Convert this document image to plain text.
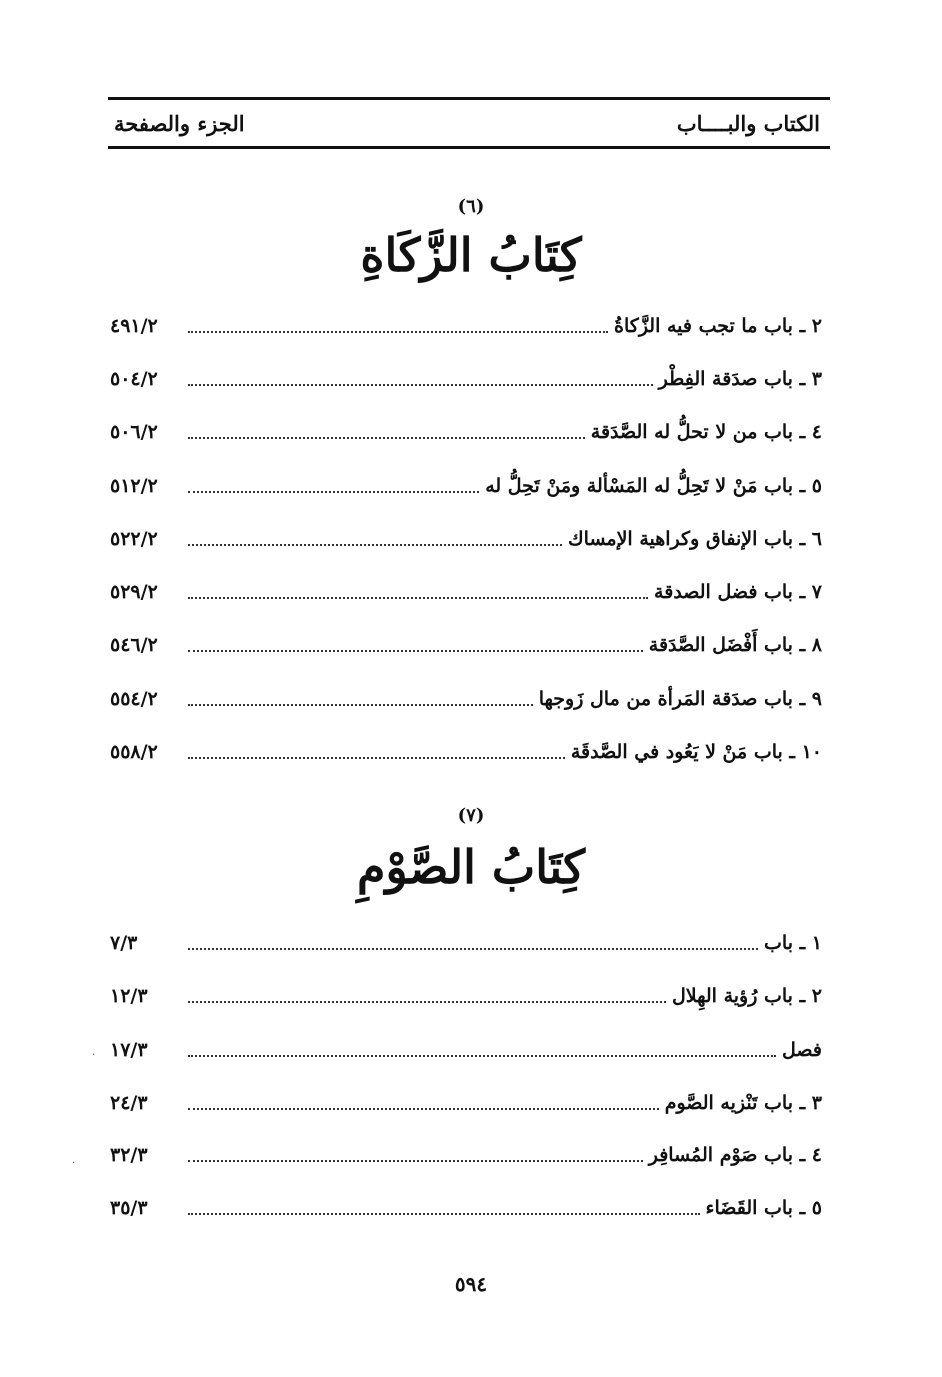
الكتاب والبــــاب
الجزء والصفحة
(٦)
كِتَابُ الزَّكَاةِ
٢ ـ باب ما تجب فيه الزَّكاةُ
٤٩١/٢
٣ ـ باب صدَقة الفِطْر
٥٠٤/٢
٤ ـ باب من لا تحلُّ له الصَّدَقة
٥٠٦/٢
٥ ـ باب مَنْ لا تَحِلُّ له المَسْألة ومَنْ تَحِلُّ له
٥١٢/٢
٦ ـ باب الإنفاق وكراهية الإمساك
٥٢٢/٢
٧ ـ باب فضل الصدقة
٥٢٩/٢
٨ ـ باب أَفْضَل الصَّدَقة
٥٤٦/٢
٩ ـ باب صدَقة المَرأة من مال زَوجها
٥٥٤/٢
١٠ ـ باب مَنْ لا يَعُود في الصَّدقَة
٥٥٨/٢
(٧)
كِتَابُ الصَّوْمِ
١ ـ باب
٧/٣
٢ ـ باب رُؤية الهِلال
١٢/٣
فصل
١٧/٣
٣ ـ باب تَنْزيه الصَّوم
٢٤/٣
٤ ـ باب صَوْم المُسافِر
٣٢/٣
٥ ـ باب القَضَاء
٣٥/٣
٥٩٤
·
·
